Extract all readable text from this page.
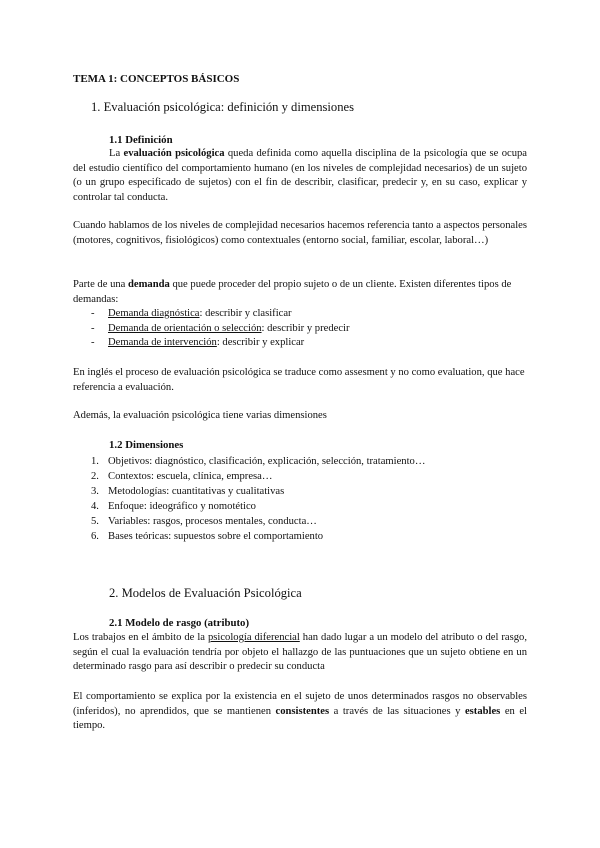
TEMA 1: CONCEPTOS BÁSICOS
1. Evaluación psicológica: definición y dimensiones
1.1 Definición

La evaluación psicológica queda definida como aquella disciplina de la psicología que se ocupa del estudio científico del comportamiento humano (en los niveles de complejidad necesarios) de un sujeto (o un grupo especificado de sujetos) con el fin de describir, clasificar, predecir y, en su caso, explicar y controlar tal conducta.

Cuando hablamos de los niveles de complejidad necesarios hacemos referencia tanto a aspectos personales (motores, cognitivos, fisiológicos) como contextuales (entorno social, familiar, escolar, laboral…)

Parte de una demanda que puede proceder del propio sujeto o de un cliente. Existen diferentes tipos de demandas:

- Demanda diagnóstica: describir y clasificar
- Demanda de orientación o selección: describir y predecir
- Demanda de intervención: describir y explicar

En inglés el proceso de evaluación psicológica se traduce como assesment y no como evaluation, que hace referencia a evaluación.

Además, la evaluación psicológica tiene varias dimensiones

1.2 Dimensiones
1. Objetivos: diagnóstico, clasificación, explicación, selección, tratamiento…
2. Contextos: escuela, clínica, empresa…
3. Metodologías: cuantitativas y cualitativas
4. Enfoque: ideográfico y nomotético
5. Variables: rasgos, procesos mentales, conducta…
6. Bases teóricas: supuestos sobre el comportamiento
2. Modelos de Evaluación Psicológica
2.1 Modelo de rasgo (atributo)

Los trabajos en el ámbito de la psicología diferencial han dado lugar a un modelo del atributo o del rasgo, según el cual la evaluación tendría por objeto el hallazgo de las puntuaciones que un sujeto obtiene en un determinado rasgo para así describir o predecir su conducta

El comportamiento se explica por la existencia en el sujeto de unos determinados rasgos no observables (inferidos), no aprendidos, que se mantienen consistentes a través de las situaciones y estables en el tiempo.
